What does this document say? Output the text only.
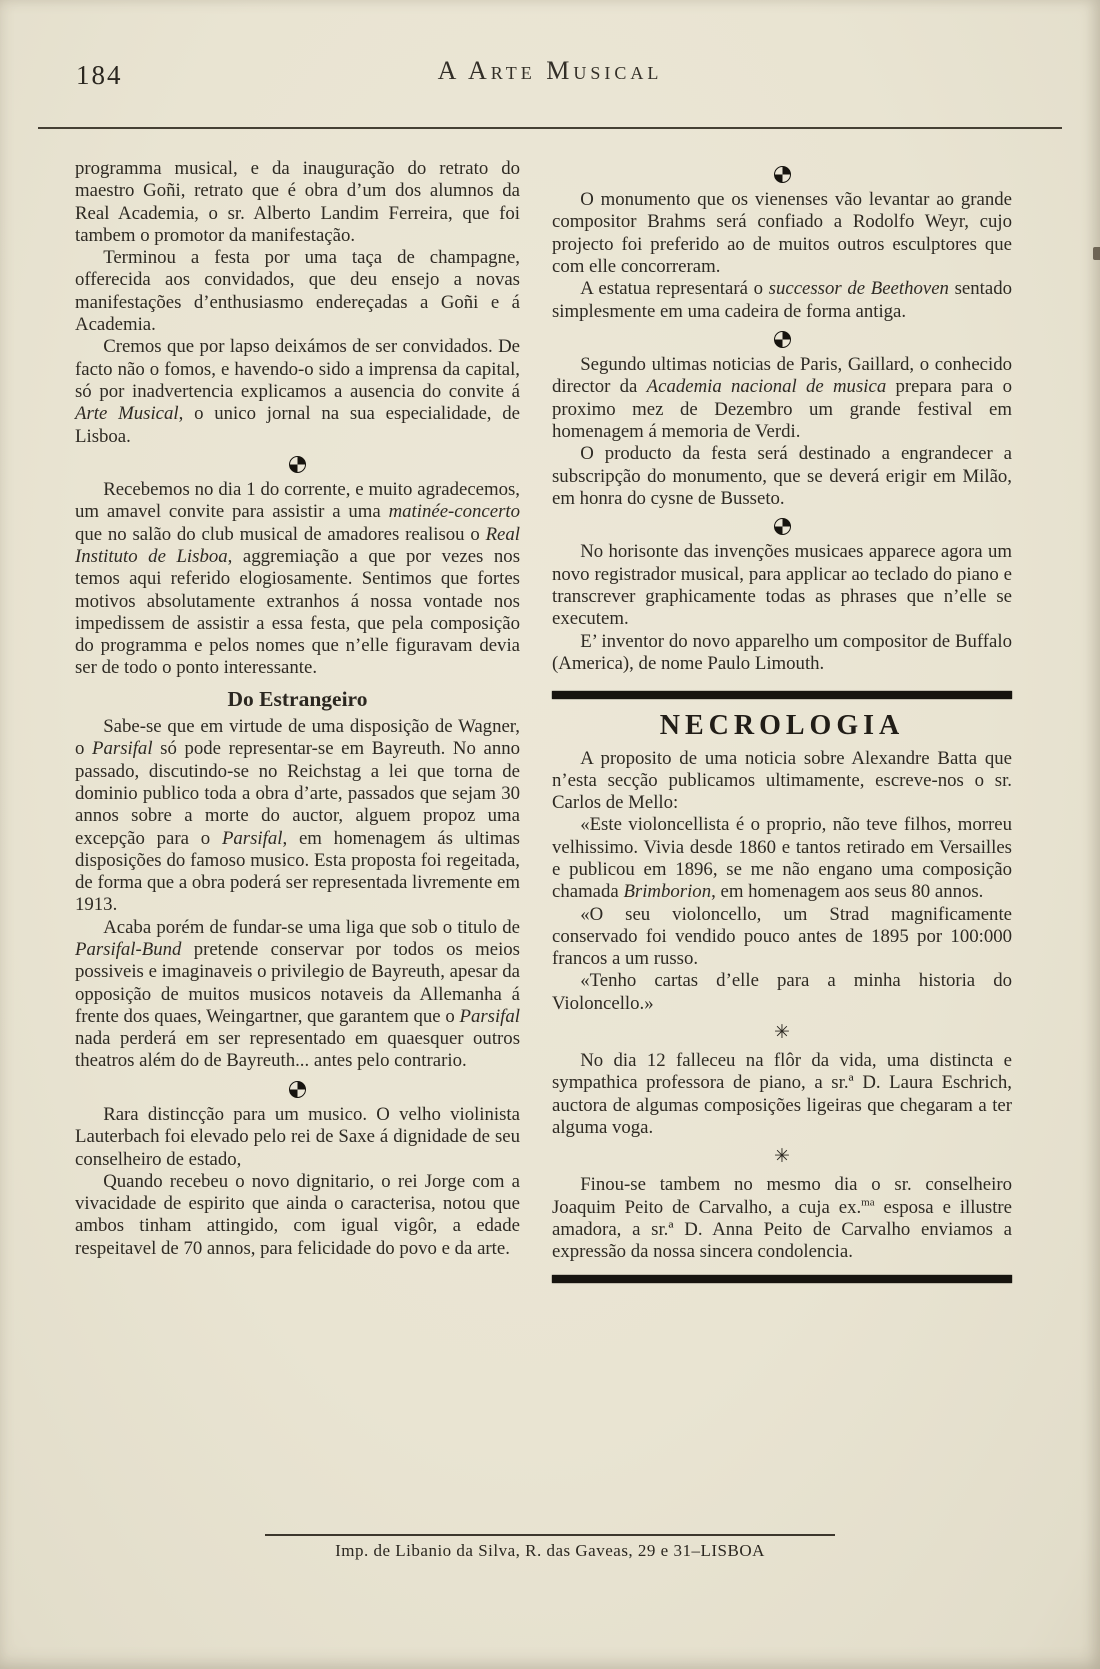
184	A Arte Musical

programma musical, e da inauguração do retrato do maestro Goñi, retrato que é obra d’um dos alumnos da Real Academia, o sr. Alberto Landim Ferreira, que foi tambem o promotor da manifestação.

Terminou a festa por uma taça de champagne, offerecida aos convidados, que deu ensejo a novas manifestações d’enthusiasmo endereçadas a Goñi e á Academia.

Cremos que por lapso deixámos de ser convidados. De facto não o fomos, e havendo-o sido a imprensa da capital, só por inadvertencia explicamos a ausencia do convite á Arte Musical, o unico jornal na sua especialidade, de Lisboa.

Recebemos no dia 1 do corrente, e muito agradecemos, um amavel convite para assistir a uma matinée-concerto que no salão do club musical de amadores realisou o Real Instituto de Lisboa, aggremiação a que por vezes nos temos aqui referido elogiosamente. Sentimos que fortes motivos absolutamente extranhos á nossa vontade nos impedissem de assistir a essa festa, que pela composição do programma e pelos nomes que n’elle figuravam devia ser de todo o ponto interessante.

Do Estrangeiro

Sabe-se que em virtude de uma disposição de Wagner, o Parsifal só pode representar-se em Bayreuth. No anno passado, discutindo-se no Reichstag a lei que torna de dominio publico toda a obra d’arte, passados que sejam 30 annos sobre a morte do auctor, alguem propoz uma excepção para o Parsifal, em homenagem ás ultimas disposições do famoso musico. Esta proposta foi regeitada, de forma que a obra poderá ser representada livremente em 1913.

Acaba porém de fundar-se uma liga que sob o titulo de Parsifal-Bund pretende conservar por todos os meios possiveis e imaginaveis o privilegio de Bayreuth, apesar da opposição de muitos musicos notaveis da Allemanha á frente dos quaes, Weingartner, que garantem que o Parsifal nada perderá em ser representado em quaesquer outros theatros além do de Bayreuth... antes pelo contrario.

Rara distincção para um musico. O velho violinista Lauterbach foi elevado pelo rei de Saxe á dignidade de seu conselheiro de estado,

Quando recebeu o novo dignitario, o rei Jorge com a vivacidade de espirito que ainda o caracterisa, notou que ambos tinham attingido, com igual vigôr, a edade respeitavel de 70 annos, para felicidade do povo e da arte.

O monumento que os vienenses vão levantar ao grande compositor Brahms será confiado a Rodolfo Weyr, cujo projecto foi preferido ao de muitos outros esculptores que com elle concorreram.

A estatua representará o successor de Beethoven sentado simplesmente em uma cadeira de forma antiga.

Segundo ultimas noticias de Paris, Gaillard, o conhecido director da Academia nacional de musica prepara para o proximo mez de Dezembro um grande festival em homenagem á memoria de Verdi.

O producto da festa será destinado a engrandecer a subscripção do monumento, que se deverá erigir em Milão, em honra do cysne de Busseto.

No horisonte das invenções musicaes apparece agora um novo registrador musical, para applicar ao teclado do piano e transcrever graphicamente todas as phrases que n’elle se executem.

E’ inventor do novo apparelho um compositor de Buffalo (America), de nome Paulo Limouth.

NECROLOGIA

A proposito de uma noticia sobre Alexandre Batta que n’esta secção publicamos ultimamente, escreve-nos o sr. Carlos de Mello:

«Este violoncellista é o proprio, não teve filhos, morreu velhissimo. Vivia desde 1860 e tantos retirado em Versailles e publicou em 1896, se me não engano uma composição chamada Brimborion, em homenagem aos seus 80 annos.

«O seu violoncello, um Strad magnificamente conservado foi vendido pouco antes de 1895 por 100:000 francos a um russo.

«Tenho cartas d’elle para a minha historia do Violoncello.»

✳

No dia 12 falleceu na flôr da vida, uma distincta e sympathica professora de piano, a sr.ª D. Laura Eschrich, auctora de algumas composições ligeiras que chegaram a ter alguma voga.

✳

Finou-se tambem no mesmo dia o sr. conselheiro Joaquim Peito de Carvalho, a cuja ex.$^{ma}$ esposa e illustre amadora, a sr.ª D. Anna Peito de Carvalho enviamos a expressão da nossa sincera condolencia.

Imp. de Libanio da Silva, R. das Gaveas, 29 e 31–LISBOA
